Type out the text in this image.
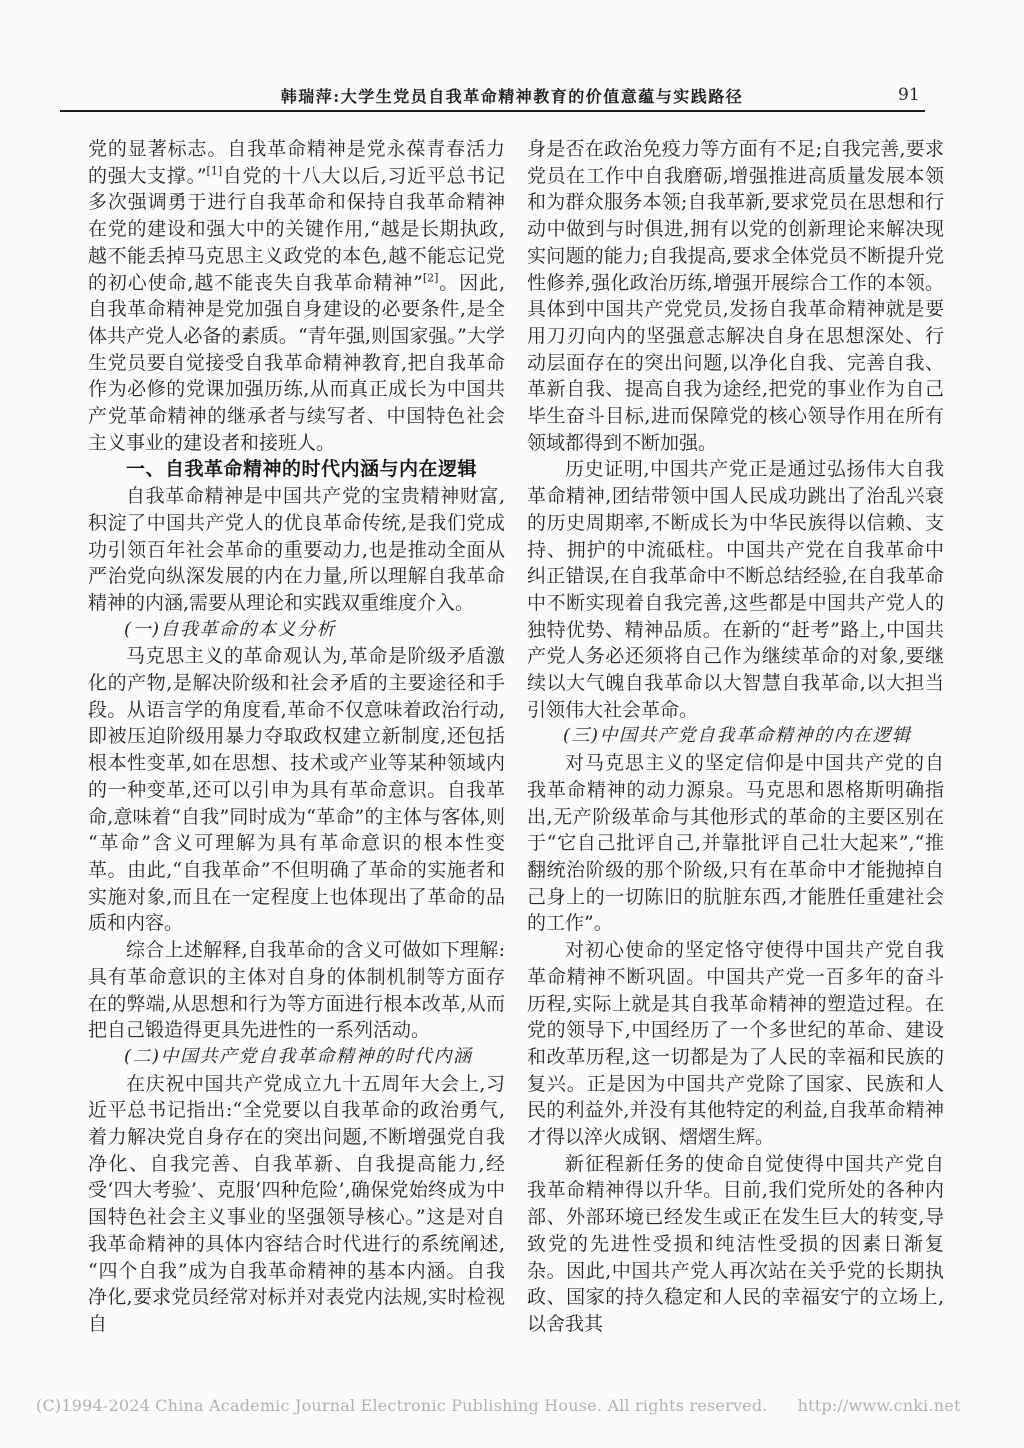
韩瑞萍:大学生党员自我革命精神教育的价值意蕴与实践路径	91

党的显著标志。自我革命精神是党永葆青春活力的强大支撑。”[1]自党的十八大以后,习近平总书记多次强调勇于进行自我革命和保持自我革命精神在党的建设和强大中的关键作用,“越是长期执政,越不能丢掉马克思主义政党的本色,越不能忘记党的初心使命,越不能丧失自我革命精神”[2]。因此,自我革命精神是党加强自身建设的必要条件,是全体共产党人必备的素质。“青年强,则国家强。”大学生党员要自觉接受自我革命精神教育,把自我革命作为必修的党课加强历练,从而真正成长为中国共产党革命精神的继承者与续写者、中国特色社会主义事业的建设者和接班人。

一、自我革命精神的时代内涵与内在逻辑

自我革命精神是中国共产党的宝贵精神财富,积淀了中国共产党人的优良革命传统,是我们党成功引领百年社会革命的重要动力,也是推动全面从严治党向纵深发展的内在力量,所以理解自我革命精神的内涵,需要从理论和实践双重维度介入。

(一)自我革命的本义分析

马克思主义的革命观认为,革命是阶级矛盾激化的产物,是解决阶级和社会矛盾的主要途径和手段。从语言学的角度看,革命不仅意味着政治行动,即被压迫阶级用暴力夺取政权建立新制度,还包括根本性变革,如在思想、技术或产业等某种领域内的一种变革,还可以引申为具有革命意识。自我革命,意味着“自我”同时成为“革命”的主体与客体,则“革命”含义可理解为具有革命意识的根本性变革。由此,“自我革命”不但明确了革命的实施者和实施对象,而且在一定程度上也体现出了革命的品质和内容。

综合上述解释,自我革命的含义可做如下理解:具有革命意识的主体对自身的体制机制等方面存在的弊端,从思想和行为等方面进行根本改革,从而把自己锻造得更具先进性的一系列活动。

(二)中国共产党自我革命精神的时代内涵

在庆祝中国共产党成立九十五周年大会上,习近平总书记指出:“全党要以自我革命的政治勇气,着力解决党自身存在的突出问题,不断增强党自我净化、自我完善、自我革新、自我提高能力,经受‘四大考验’、克服‘四种危险’,确保党始终成为中国特色社会主义事业的坚强领导核心。”这是对自我革命精神的具体内容结合时代进行的系统阐述,“四个自我”成为自我革命精神的基本内涵。自我净化,要求党员经常对标并对表党内法规,实时检视自

身是否在政治免疫力等方面有不足;自我完善,要求党员在工作中自我磨砺,增强推进高质量发展本领和为群众服务本领;自我革新,要求党员在思想和行动中做到与时俱进,拥有以党的创新理论来解决现实问题的能力;自我提高,要求全体党员不断提升党性修养,强化政治历练,增强开展综合工作的本领。具体到中国共产党党员,发扬自我革命精神就是要用刀刃向内的坚强意志解决自身在思想深处、行动层面存在的突出问题,以净化自我、完善自我、革新自我、提高自我为途经,把党的事业作为自己毕生奋斗目标,进而保障党的核心领导作用在所有领域都得到不断加强。

历史证明,中国共产党正是通过弘扬伟大自我革命精神,团结带领中国人民成功跳出了治乱兴衰的历史周期率,不断成长为中华民族得以信赖、支持、拥护的中流砥柱。中国共产党在自我革命中纠正错误,在自我革命中不断总结经验,在自我革命中不断实现着自我完善,这些都是中国共产党人的独特优势、精神品质。在新的“赶考”路上,中国共产党人务必还须将自己作为继续革命的对象,要继续以大气魄自我革命以大智慧自我革命,以大担当引领伟大社会革命。

(三)中国共产党自我革命精神的内在逻辑

对马克思主义的坚定信仰是中国共产党的自我革命精神的动力源泉。马克思和恩格斯明确指出,无产阶级革命与其他形式的革命的主要区别在于“它自己批评自己,并靠批评自己壮大起来”,“推翻统治阶级的那个阶级,只有在革命中才能抛掉自己身上的一切陈旧的肮脏东西,才能胜任重建社会的工作”。

对初心使命的坚定恪守使得中国共产党自我革命精神不断巩固。中国共产党一百多年的奋斗历程,实际上就是其自我革命精神的塑造过程。在党的领导下,中国经历了一个多世纪的革命、建设和改革历程,这一切都是为了人民的幸福和民族的复兴。正是因为中国共产党除了国家、民族和人民的利益外,并没有其他特定的利益,自我革命精神才得以淬火成钢、熠熠生辉。

新征程新任务的使命自觉使得中国共产党自我革命精神得以升华。目前,我们党所处的各种内部、外部环境已经发生或正在发生巨大的转变,导致党的先进性受损和纯洁性受损的因素日渐复杂。因此,中国共产党人再次站在关乎党的长期执政、国家的持久稳定和人民的幸福安宁的立场上,以舍我其

(C)1994-2024 China Academic Journal Electronic Publishing House. All rights reserved. http://www.cnki.net
